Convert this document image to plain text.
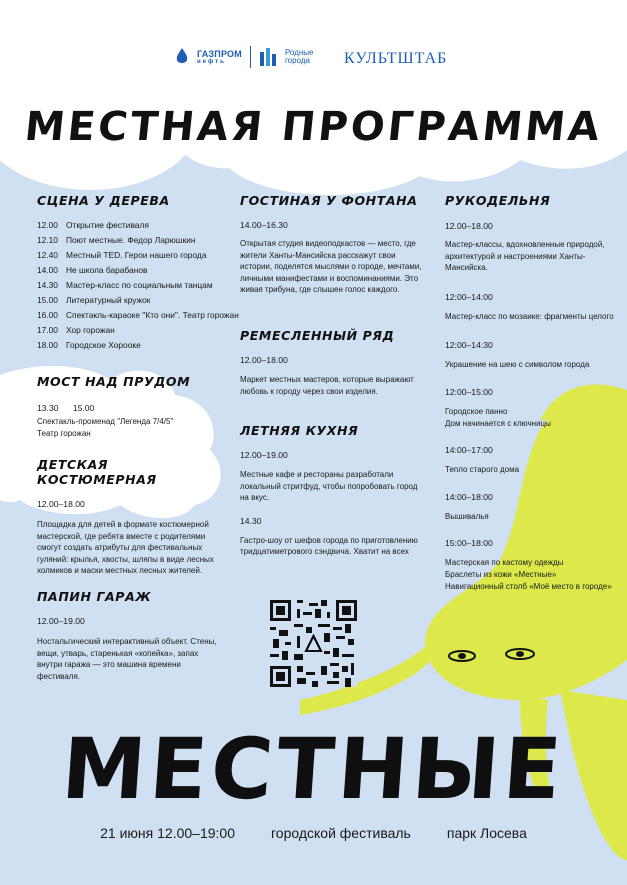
ГАЗПРОМ
нефть
Родные города	КУЛЬТШТАБ
МЕСТНАЯ ПРОГРАММА

СЦЕНА У ДЕРЕВА

12.00 Открытие фестиваля
12.10 Поют местные. Федор Ларюшкин
12.40 Местный TED. Герои нашего города
14.00 Не школа барабанов
14.30 Мастер-класс по социальным танцам
15.00 Литературный кружок
16.00 Спектакль-караоке "Кто они". Театр горожан
17.00 Хор горожан
18.00 Городское Хорооке

МОСТ НАД ПРУДОМ

13.30      15.00

Спектакль-променад "Легенда 7/4/5"

Театр горожан

ДЕТСКАЯ КОСТЮМЕРНАЯ

12.00–18.00

Площадка для детей в формате костюмерной мастерской, где ребята вместе с родителями смогут создать атрибуты для фестивальных гуляний: крылья, хвосты, шляпы в виде лесных холмиков и маски местных лесных жителей.

ПАПИН ГАРАЖ

12.00–19.00

Ностальгический интерактивный объект. Стены, вещи, утварь, старенькая «копейка», запах внутри гаража — это машина времени фестиваля.

ГОСТИНАЯ У ФОНТАНА

14.00–16.30

Открытая студия видеоподкастов — место, где жители Ханты-Мансийска расскажут свои истории, поделятся мыслями о городе, мечтами, личными манифестами и воспоминаниями. Это живая трибуна, где слышен голос каждого.

РЕМЕСЛЕННЫЙ РЯД

12.00–18.00

Маркет местных мастеров, которые выражают любовь к городу через свои изделия.

ЛЕТНЯЯ КУХНЯ

12.00–19.00

Местные кафе и рестораны разработали локальный стритфуд, чтобы попробовать город на вкус.

14.30

Гастро-шоу от шефов города по приготовлению тридцатиметрового сэндвича. Хватит на всех

РУКОДЕЛЬНЯ

12.00–18.00

Мастер-классы, вдохновленные природой, архитектурой и настроениями Ханты-Мансийска.

12:00–14:00

Мастер-класс по мозаике: фрагменты целого

12:00–14:30

Украшение на шею с символом города

12:00–15:00

Городское панно
Дом начинается с ключницы

14:00–17:00

Тепло старого дома

14:00–18:00

Вышивалья

15:00–18:00

Мастерская по кастому одежды
Браслеты из кожи «Местные»
Навигационный столб «Моё место в городе»

МЕСТНЫЕ
21 июня 12.00–19:00	городской фестиваль	парк Лосева
